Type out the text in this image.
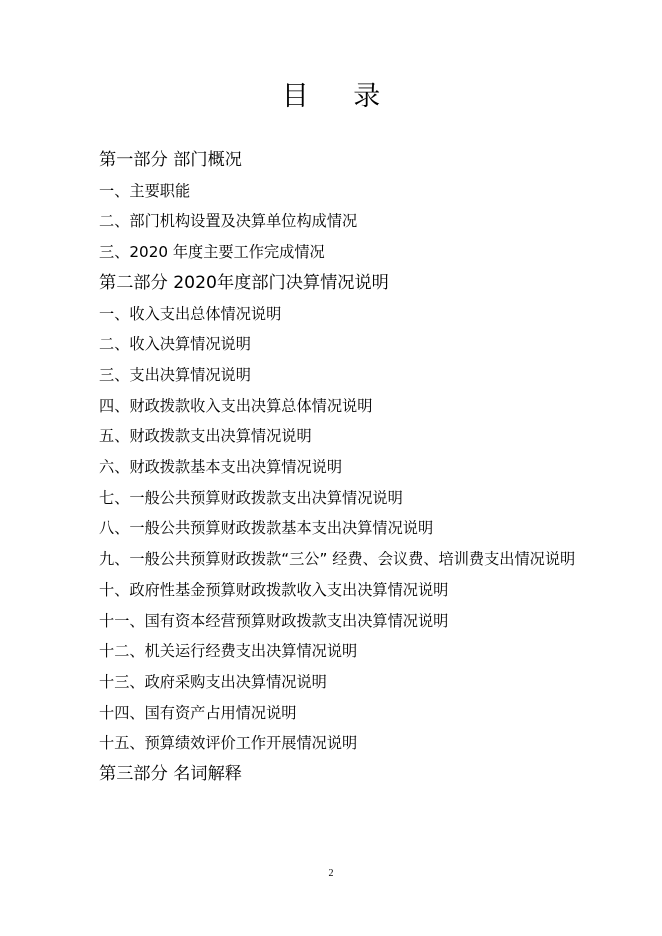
目 录
第一部分 部门概况
一、主要职能
二、部门机构设置及决算单位构成情况
三、2020 年度主要工作完成情况
第二部分 2020年度部门决算情况说明
一、收入支出总体情况说明
二、收入决算情况说明
三、支出决算情况说明
四、财政拨款收入支出决算总体情况说明
五、财政拨款支出决算情况说明
六、财政拨款基本支出决算情况说明
七、一般公共预算财政拨款支出决算情况说明
八、一般公共预算财政拨款基本支出决算情况说明
九、一般公共预算财政拨款“三公” 经费、会议费、培训费支出情况说明
十、政府性基金预算财政拨款收入支出决算情况说明
十一、国有资本经营预算财政拨款支出决算情况说明
十二、机关运行经费支出决算情况说明
十三、政府采购支出决算情况说明
十四、国有资产占用情况说明
十五、预算绩效评价工作开展情况说明
第三部分 名词解释
2
